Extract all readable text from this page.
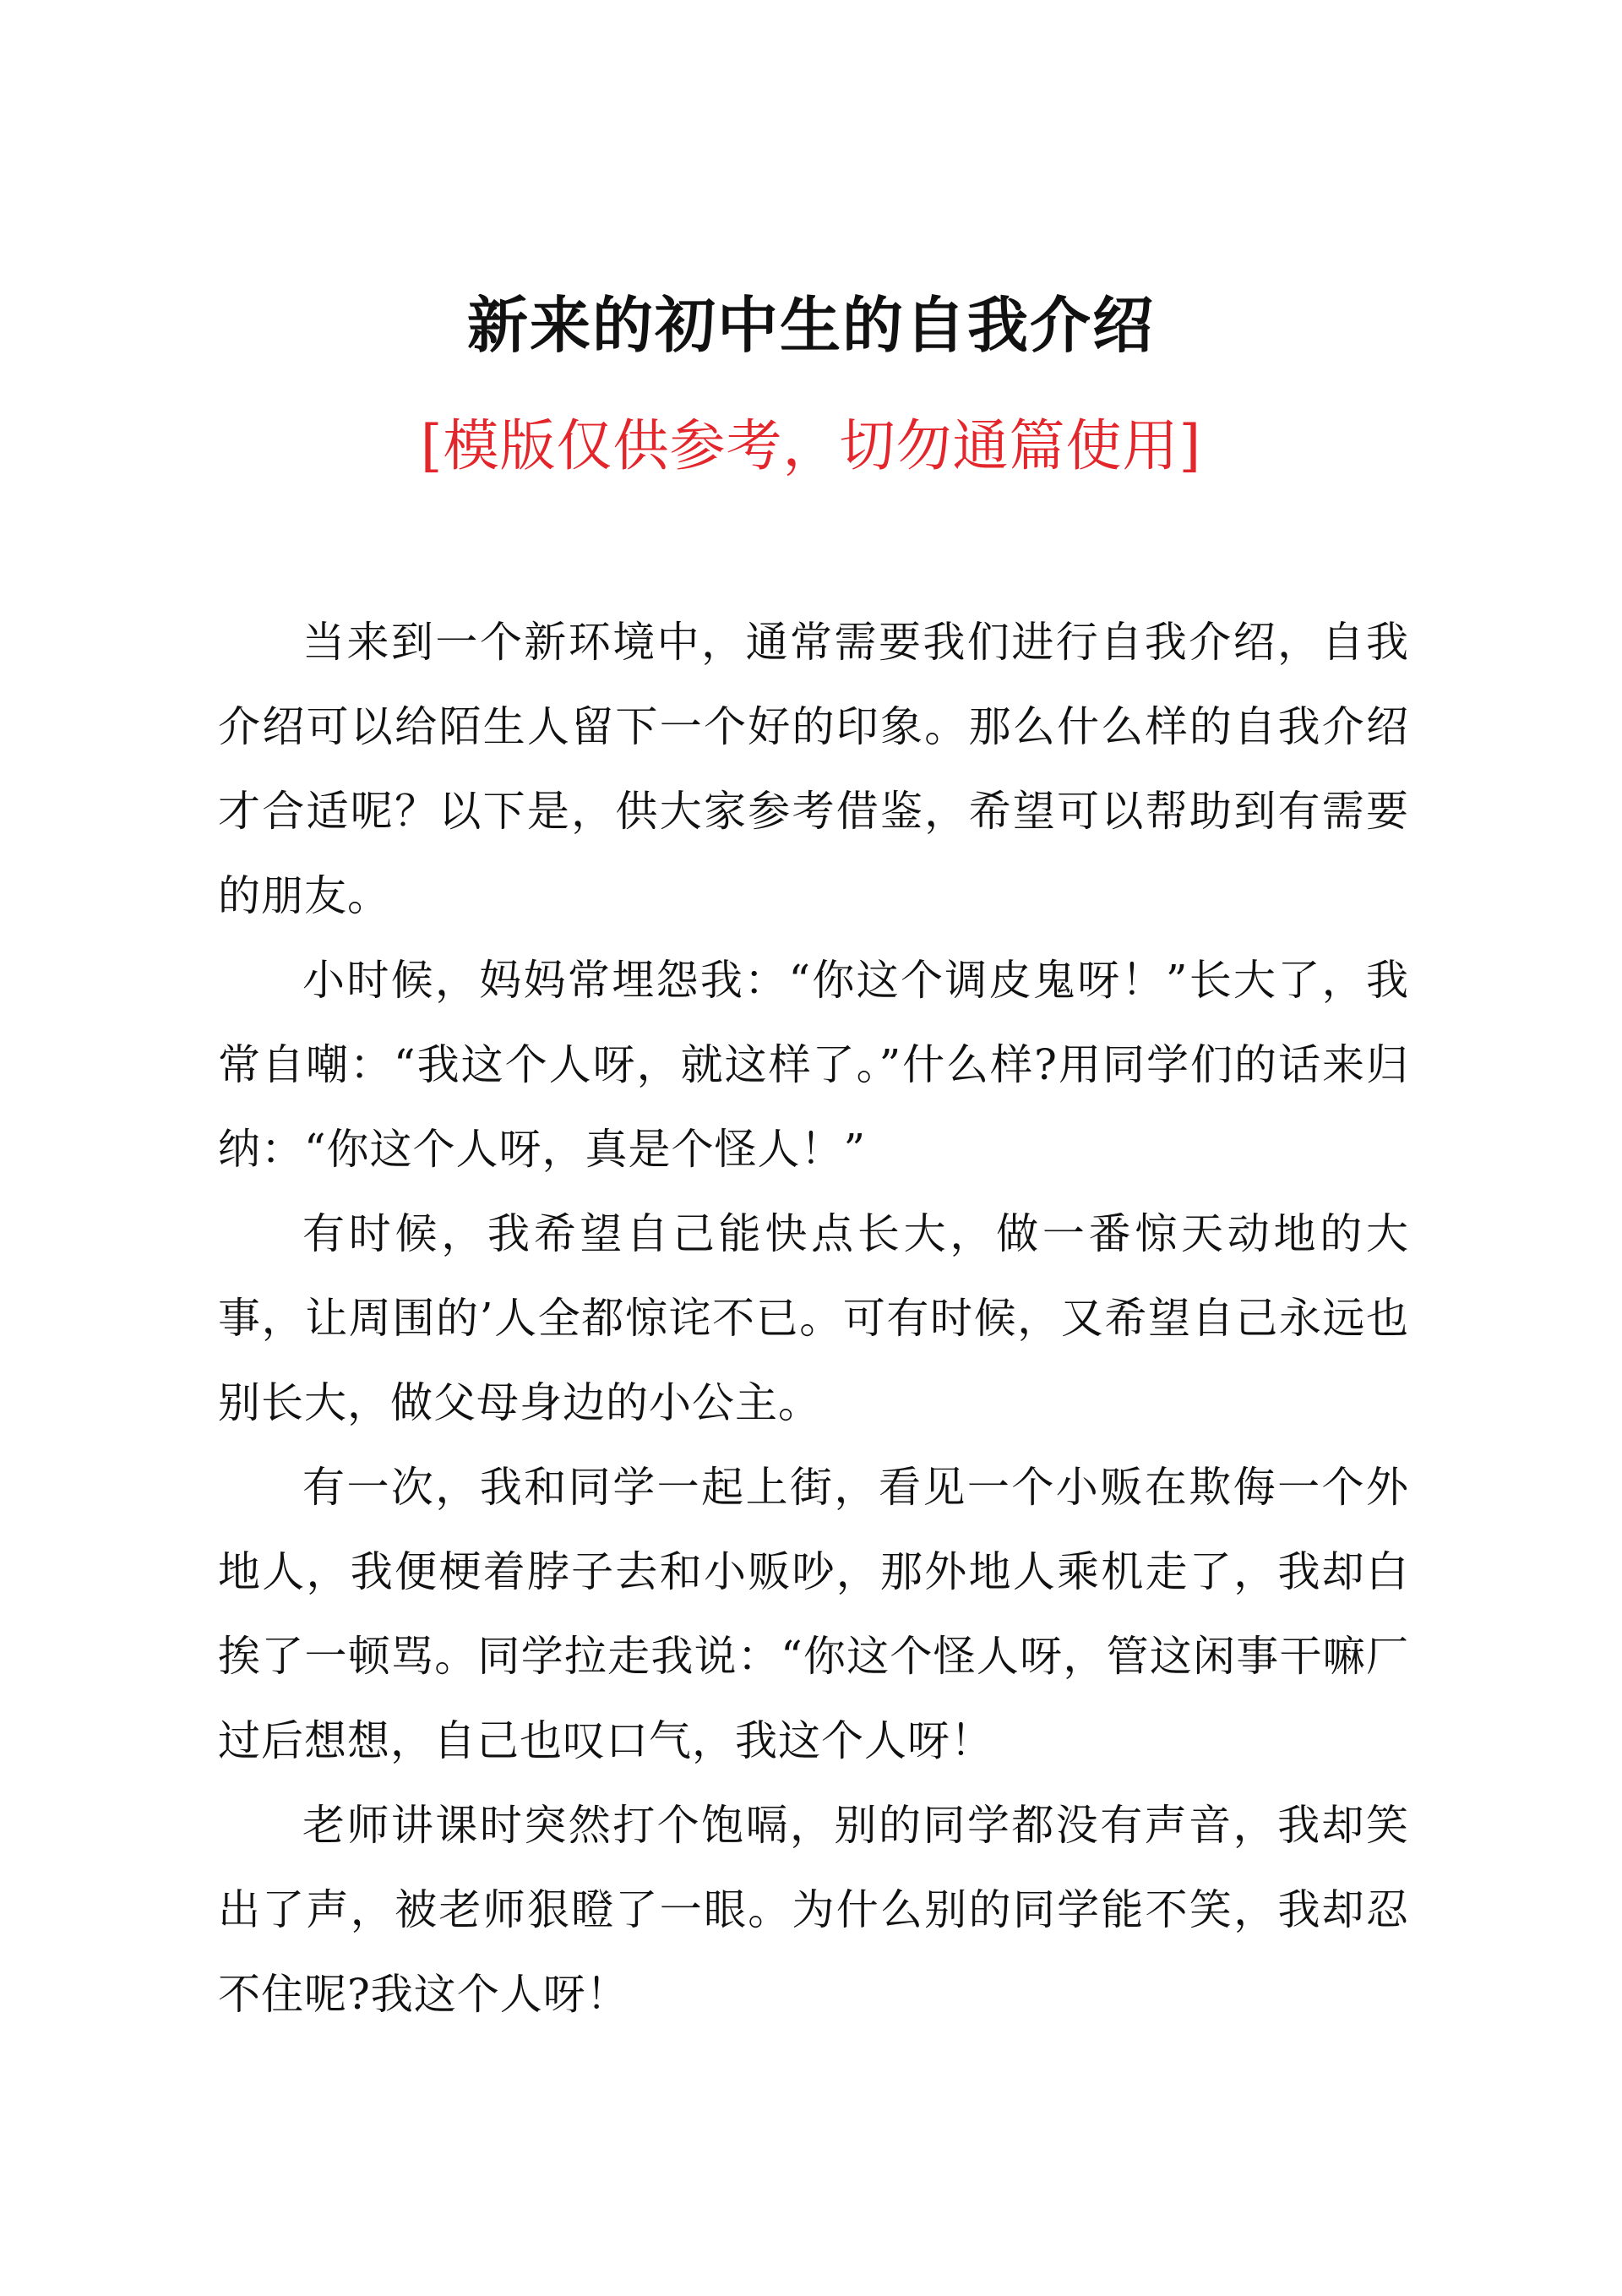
新来的初中生的自我介绍
[模版仅供参考，切勿通篇使用]

当来到一个新环境中，通常需要我们进行自我介绍，自我介绍可以给陌生人留下一个好的印象。那么什么样的自我介绍才合适呢？以下是，供大家参考借鉴，希望可以帮助到有需要的朋友。

小时候，妈妈常埋怨我：“你这个调皮鬼呀！”长大了，我常自嘲：“我这个人呀，就这样了。”什么样?用同学们的话来归纳：“你这个人呀，真是个怪人！”

有时候，我希望自己能快点长大，做一番惊天动地的大事，让周围的’人全都惊诧不已。可有时候，又希望自己永远也别长大，做父母身边的小公主。

有一次，我和同学一起上街，看见一个小贩在欺侮一个外地人，我便梗着脖子去和小贩吵，那外地人乘机走了，我却白挨了一顿骂。同学拉走我说：“你这个怪人呀，管这闲事干嘛厂过后想想，自己也叹口气，我这个人呀！

老师讲课时突然打个饱嗝，别的同学都没有声音，我却笑出了声，被老师狠瞪了一眼。为什么别的同学能不笑，我却忍不住呢?我这个人呀！
